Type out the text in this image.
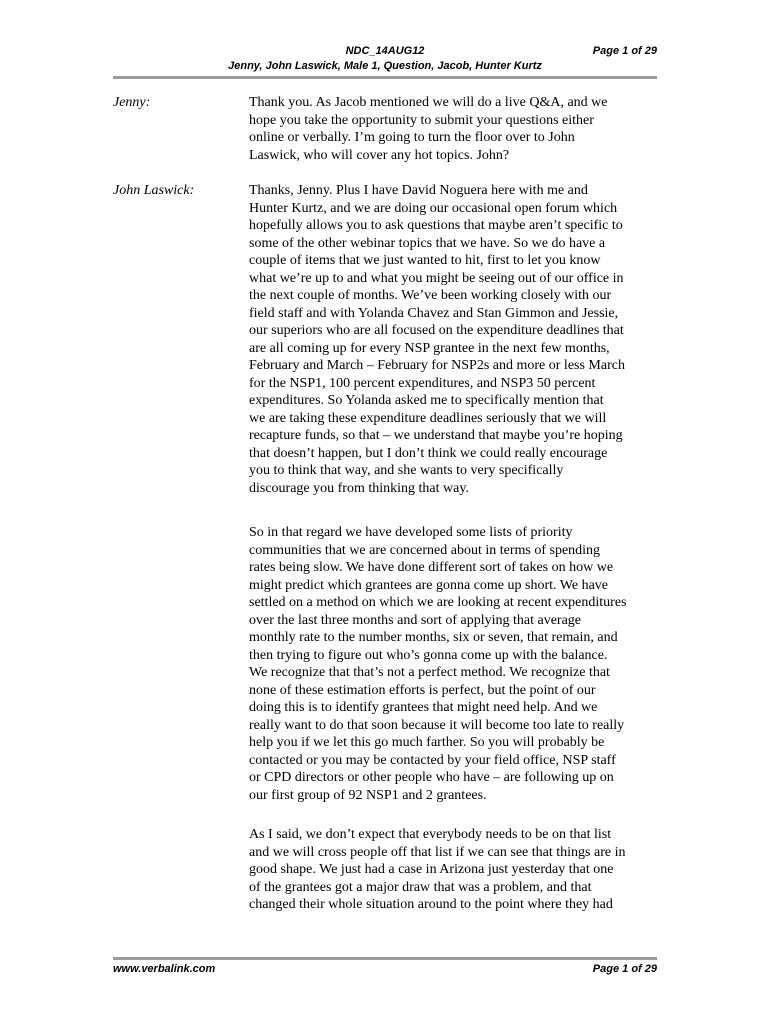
NDC_14AUG12	Page 1 of 29
Jenny, John Laswick, Male 1, Question, Jacob, Hunter Kurtz
Jenny:	Thank you. As Jacob mentioned we will do a live Q&A, and we
hope you take the opportunity to submit your questions either
online or verbally. I’m going to turn the floor over to John
Laswick, who will cover any hot topics. John?
John Laswick:	Thanks, Jenny. Plus I have David Noguera here with me and
Hunter Kurtz, and we are doing our occasional open forum which
hopefully allows you to ask questions that maybe aren’t specific to
some of the other webinar topics that we have. So we do have a
couple of items that we just wanted to hit, first to let you know
what we’re up to and what you might be seeing out of our office in
the next couple of months. We’ve been working closely with our
field staff and with Yolanda Chavez and Stan Gimmon and Jessie,
our superiors who are all focused on the expenditure deadlines that
are all coming up for every NSP grantee in the next few months,
February and March – February for NSP2s and more or less March
for the NSP1, 100 percent expenditures, and NSP3 50 percent
expenditures. So Yolanda asked me to specifically mention that
we are taking these expenditure deadlines seriously that we will
recapture funds, so that – we understand that maybe you’re hoping
that doesn’t happen, but I don’t think we could really encourage
you to think that way, and she wants to very specifically
discourage you from thinking that way.
So in that regard we have developed some lists of priority
communities that we are concerned about in terms of spending
rates being slow. We have done different sort of takes on how we
might predict which grantees are gonna come up short. We have
settled on a method on which we are looking at recent expenditures
over the last three months and sort of applying that average
monthly rate to the number months, six or seven, that remain, and
then trying to figure out who’s gonna come up with the balance.
We recognize that that’s not a perfect method. We recognize that
none of these estimation efforts is perfect, but the point of our
doing this is to identify grantees that might need help. And we
really want to do that soon because it will become too late to really
help you if we let this go much farther. So you will probably be
contacted or you may be contacted by your field office, NSP staff
or CPD directors or other people who have – are following up on
our first group of 92 NSP1 and 2 grantees.
As I said, we don’t expect that everybody needs to be on that list
and we will cross people off that list if we can see that things are in
good shape. We just had a case in Arizona just yesterday that one
of the grantees got a major draw that was a problem, and that
changed their whole situation around to the point where they had
www.verbalink.com	Page 1 of 29
